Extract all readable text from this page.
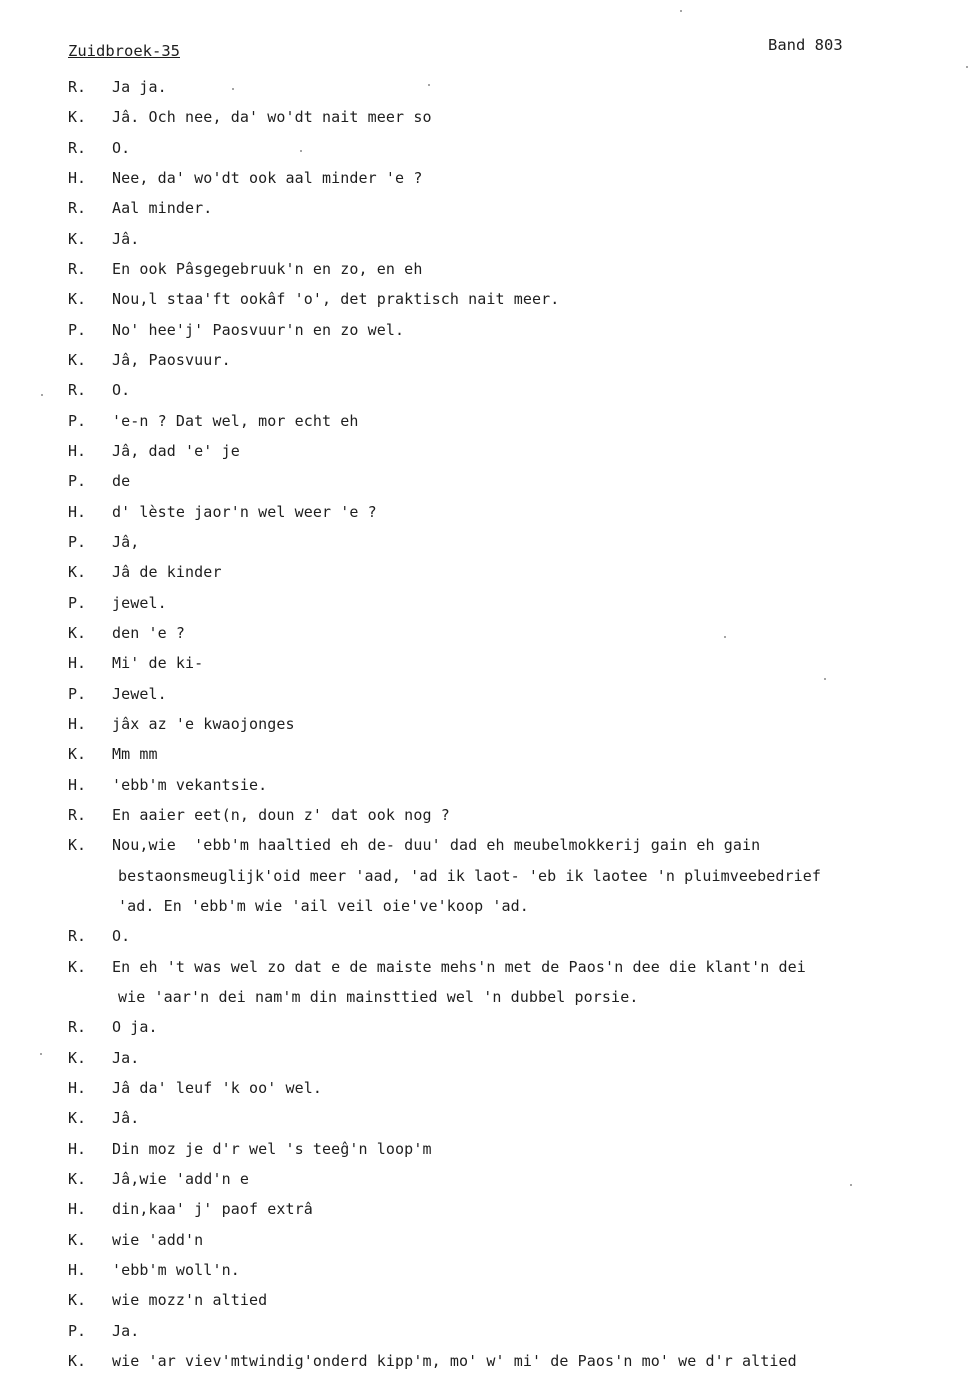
Zuidbroek-35	Band 803
R. Ja ja.
K. Jâ. Och nee, da' wo'dt nait meer so
R. O.
H. Nee, da' wo'dt ook aal minder 'e ?
R. Aal minder.
K. Jâ.
R. En ook Pâsgegebruuk'n en zo, en eh
K. Nou,l staa'ft ookâf 'o', det praktisch nait meer.
P. No' hee'j' Paosvuur'n en zo wel.
K. Jâ, Paosvuur.
R. O.
P. 'e-n ? Dat wel, mor echt eh
H. Jâ, dad 'e' je
P. de
H. d' lèste jaor'n wel weer 'e ?
P. Jâ,
K. Jâ de kinder
P. jewel.
K. den 'e ?
H. Mi' de ki-
P. Jewel.
H. jâx az 'e kwaojonges
K. Mm mm
H. 'ebb'm vekantsie.
R. En aaier eet(n, doun z' dat ook nog ?
K. Nou,wie  'ebb'm haaltied eh de- duu' dad eh meubelmokkerij gain eh gain
bestaonsmeuglijk'oid meer 'aad, 'ad ik laot- 'eb ik laotee 'n pluimveebedrief
'ad. En 'ebb'm wie 'ail veil oie've'koop 'ad.
R. O.
K. En eh 't was wel zo dat e de maiste mehs'n met de Paos'n dee die klant'n dei
wie 'aar'n dei nam'm din mainsttied wel 'n dubbel porsie.
R. O ja.
K. Ja.
H. Jâ da' leuf 'k oo' wel.
K. Jâ.
H. Din moz je d'r wel 's teeĝ'n loop'm
K. Jâ,wie 'add'n e
H. din,kaa' j' paof extrâ
K. wie 'add'n
H. 'ebb'm woll'n.
K. wie mozz'n altied
P. Ja.
K. wie 'ar viev'mtwindig'onderd kipp'm, mo' w' mi' de Paos'n mo' we d'r altied
